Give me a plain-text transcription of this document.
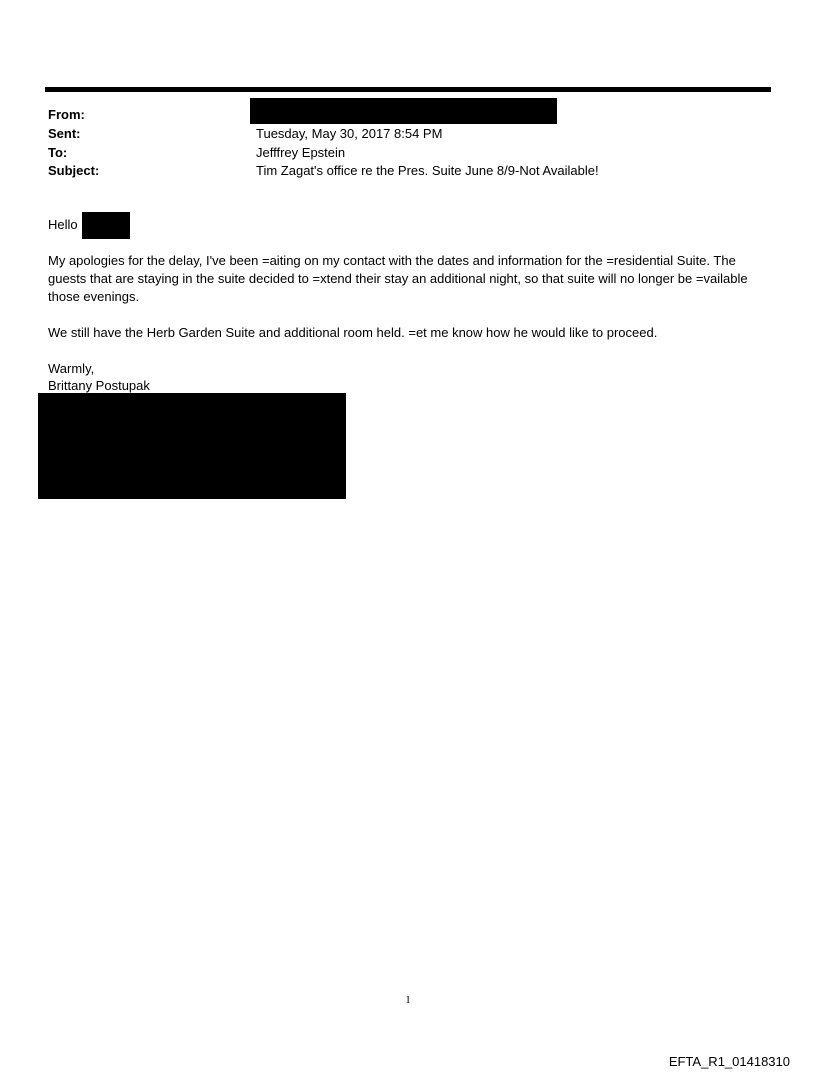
From:
Sent:	Tuesday, May 30, 2017 8:54 PM
To:	Jefffrey Epstein
Subject:	Tim Zagat's office re the Pres. Suite June 8/9-Not Available!
Hello
My apologies for the delay, I've been =aiting on my contact with the dates and information for the =residential Suite. The guests that are staying in the suite decided to =xtend their stay an additional night, so that suite will no longer be =vailable those evenings.
We still have the Herb Garden Suite and additional room held. =et me know how he would like to proceed.
Warmly,
Brittany Postupak
1
EFTA_R1_01418310
